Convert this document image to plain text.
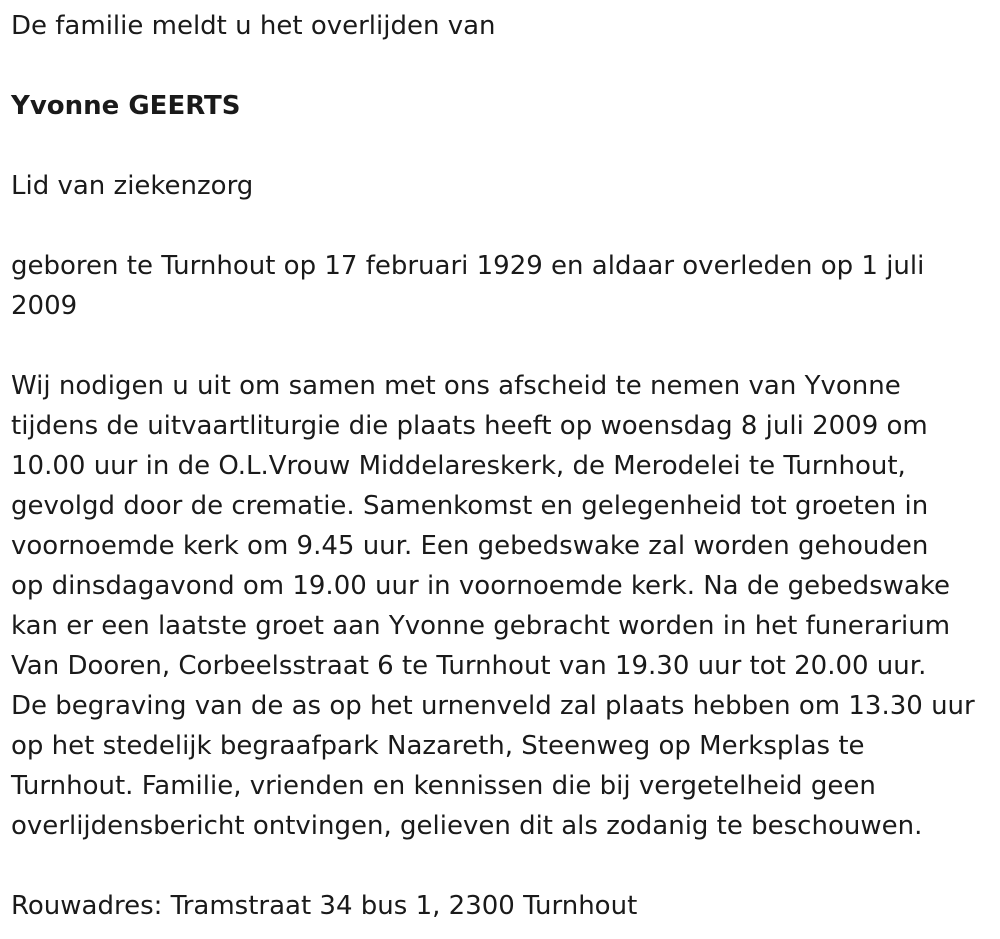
De familie meldt u het overlijden van

Yvonne GEERTS

Lid van ziekenzorg

geboren te Turnhout op 17 februari 1929 en aldaar overleden op 1 juli

2009

Wij nodigen u uit om samen met ons afscheid te nemen van Yvonne

tijdens de uitvaartliturgie die plaats heeft op woensdag 8 juli 2009 om

10.00 uur in de O.L.Vrouw Middelareskerk, de Merodelei te Turnhout,

gevolgd door de crematie. Samenkomst en gelegenheid tot groeten in

voornoemde kerk om 9.45 uur. Een gebedswake zal worden gehouden

op dinsdagavond om 19.00 uur in voornoemde kerk. Na de gebedswake

kan er een laatste groet aan Yvonne gebracht worden in het funerarium

Van Dooren, Corbeelsstraat 6 te Turnhout van 19.30 uur tot 20.00 uur.

De begraving van de as op het urnenveld zal plaats hebben om 13.30 uur

op het stedelijk begraafpark Nazareth, Steenweg op Merksplas te

Turnhout. Familie, vrienden en kennissen die bij vergetelheid geen

overlijdensbericht ontvingen, gelieven dit als zodanig te beschouwen.

Rouwadres: Tramstraat 34 bus 1, 2300 Turnhout
